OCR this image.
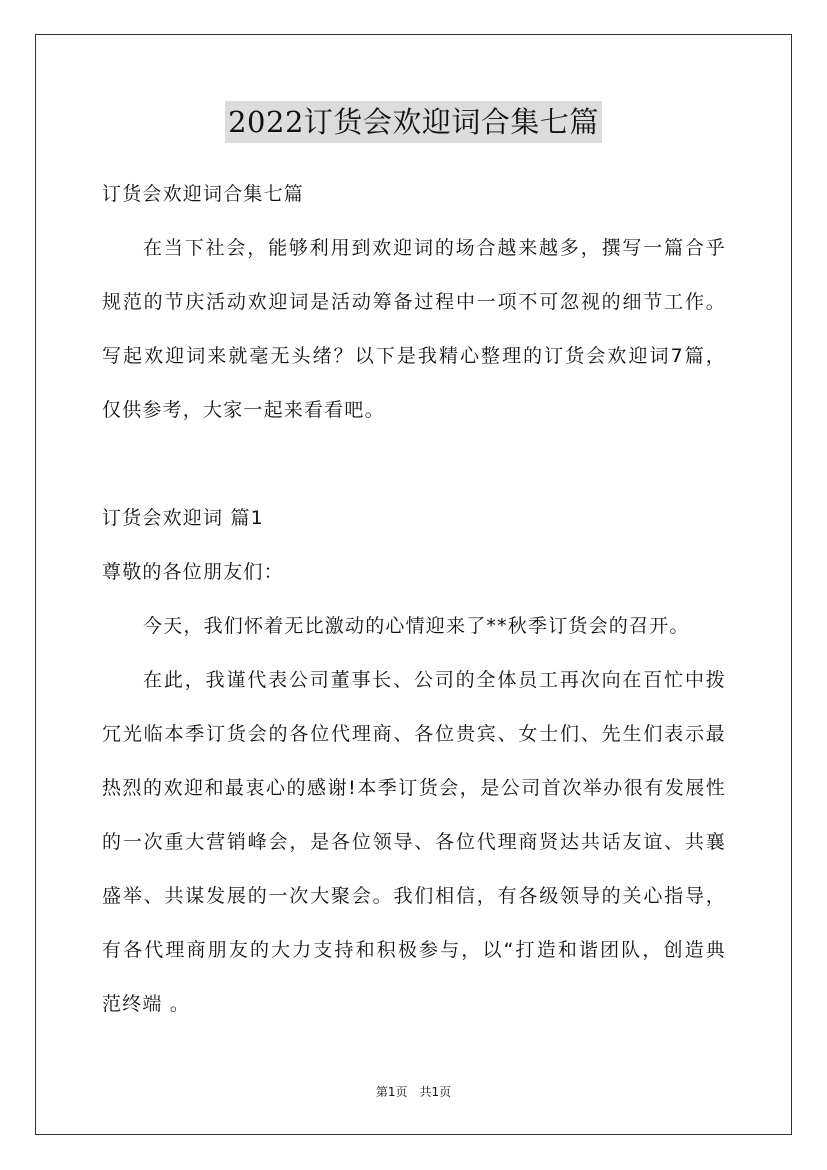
2022订货会欢迎词合集七篇
订货会欢迎词合集七篇
在当下社会，能够利用到欢迎词的场合越来越多，撰写一篇合乎
规范的节庆活动欢迎词是活动筹备过程中一项不可忽视的细节工作。
写起欢迎词来就毫无头绪？以下是我精心整理的订货会欢迎词7篇，
仅供参考，大家一起来看看吧。
订货会欢迎词 篇1
尊敬的各位朋友们：
今天，我们怀着无比激动的心情迎来了**秋季订货会的召开。
在此，我谨代表公司董事长、公司的全体员工再次向在百忙中拨
冗光临本季订货会的各位代理商、各位贵宾、女士们、先生们表示最
热烈的欢迎和最衷心的感谢!本季订货会，是公司首次举办很有发展性
的一次重大营销峰会，是各位领导、各位代理商贤达共话友谊、共襄
盛举、共谋发展的一次大聚会。我们相信，有各级领导的关心指导，
有各代理商朋友的大力支持和积极参与，以“打造和谐团队，创造典
范终端 。
第1页　共1页
